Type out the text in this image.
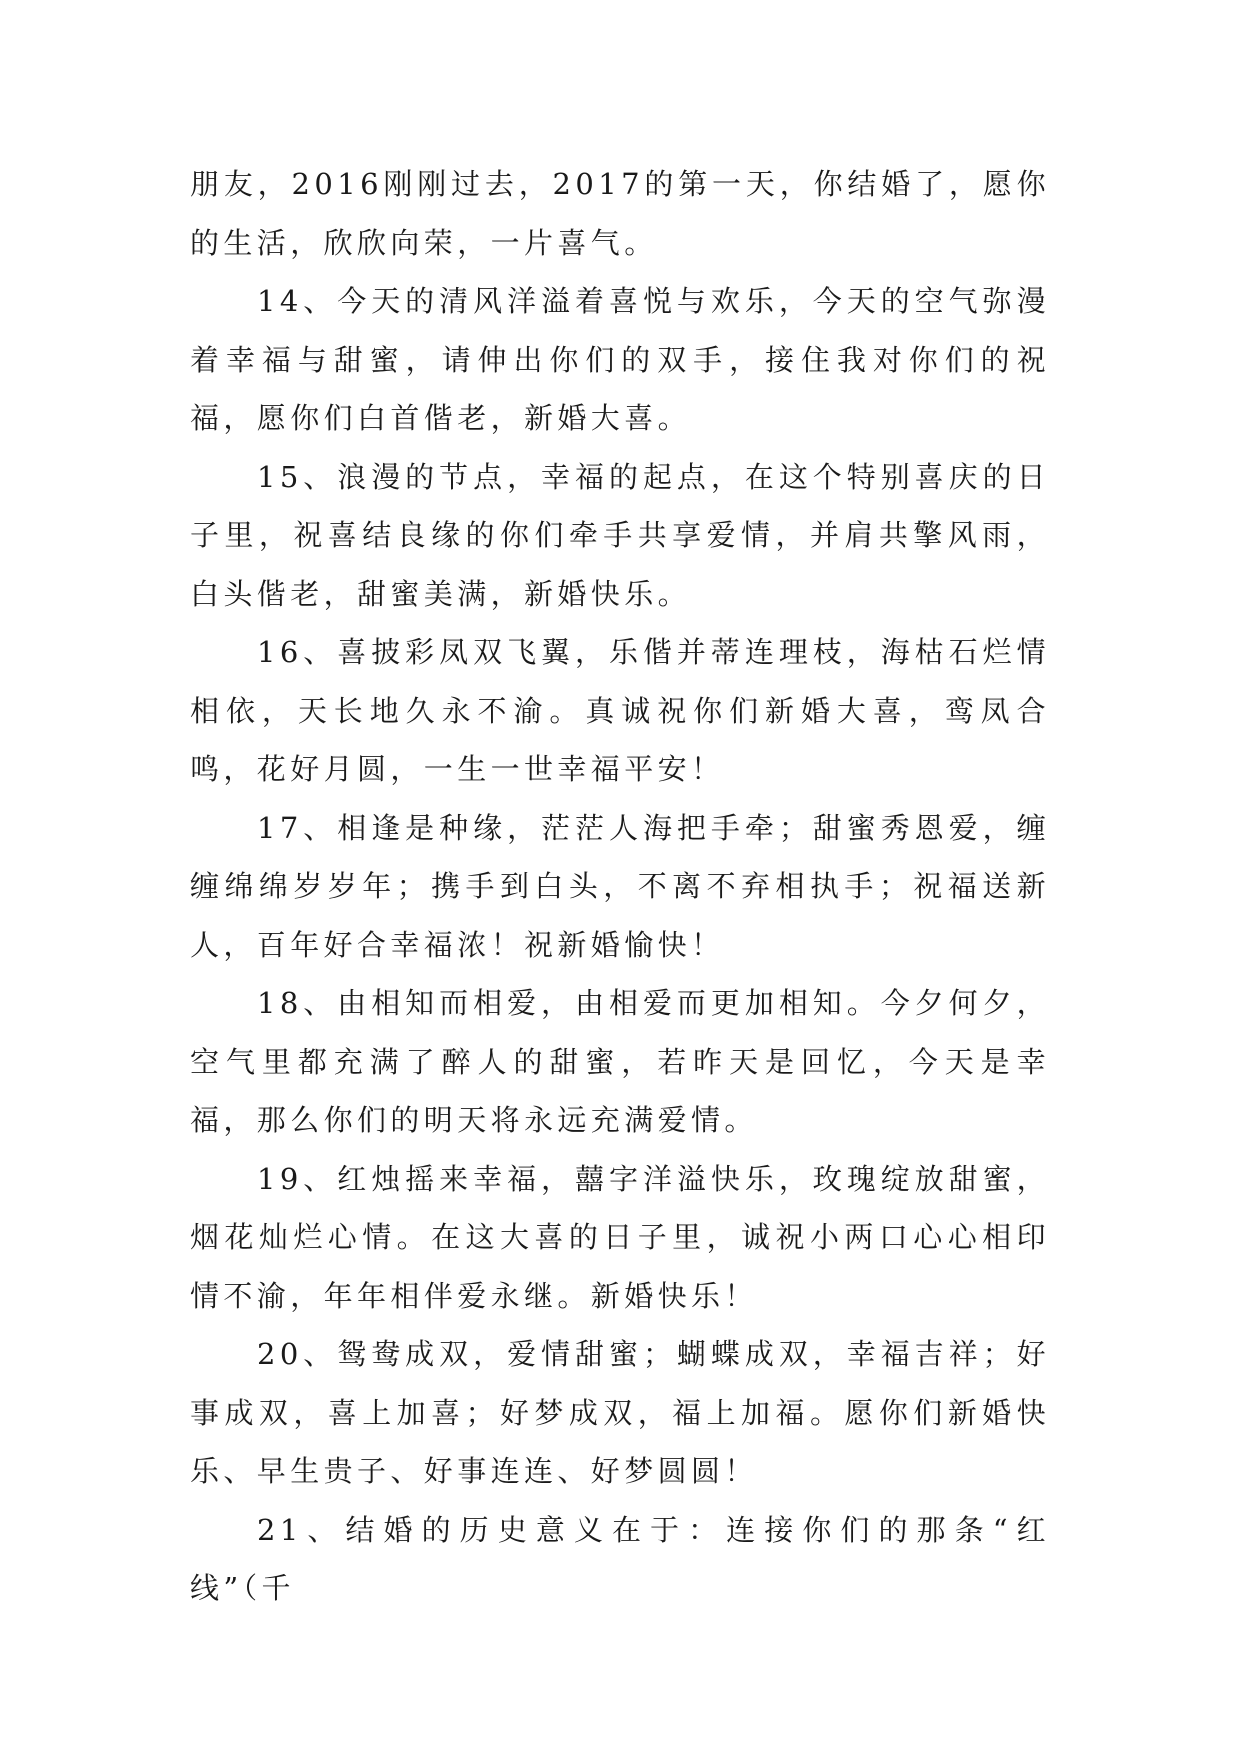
朋友，2016刚刚过去，2017的第一天，你结婚了，愿你的生活，欣欣向荣，一片喜气。

14、今天的清风洋溢着喜悦与欢乐，今天的空气弥漫着幸福与甜蜜，请伸出你们的双手，接住我对你们的祝福，愿你们白首偕老，新婚大喜。

15、浪漫的节点，幸福的起点，在这个特别喜庆的日子里，祝喜结良缘的你们牵手共享爱情，并肩共擎风雨，白头偕老，甜蜜美满，新婚快乐。

16、喜披彩凤双飞翼，乐偕并蒂连理枝，海枯石烂情相依，天长地久永不渝。真诚祝你们新婚大喜，鸾凤合鸣，花好月圆，一生一世幸福平安！

17、相逢是种缘，茫茫人海把手牵；甜蜜秀恩爱，缠缠绵绵岁岁年；携手到白头，不离不弃相执手；祝福送新人，百年好合幸福浓！祝新婚愉快！

18、由相知而相爱，由相爱而更加相知。今夕何夕，空气里都充满了醉人的甜蜜，若昨天是回忆，今天是幸福，那么你们的明天将永远充满爱情。

19、红烛摇来幸福，囍字洋溢快乐，玫瑰绽放甜蜜，烟花灿烂心情。在这大喜的日子里，诚祝小两口心心相印情不渝，年年相伴爱永继。新婚快乐！

20、鸳鸯成双，爱情甜蜜；蝴蝶成双，幸福吉祥；好事成双，喜上加喜；好梦成双，福上加福。愿你们新婚快乐、早生贵子、好事连连、好梦圆圆！

21、结婚的历史意义在于：连接你们的那条“红线”（千
